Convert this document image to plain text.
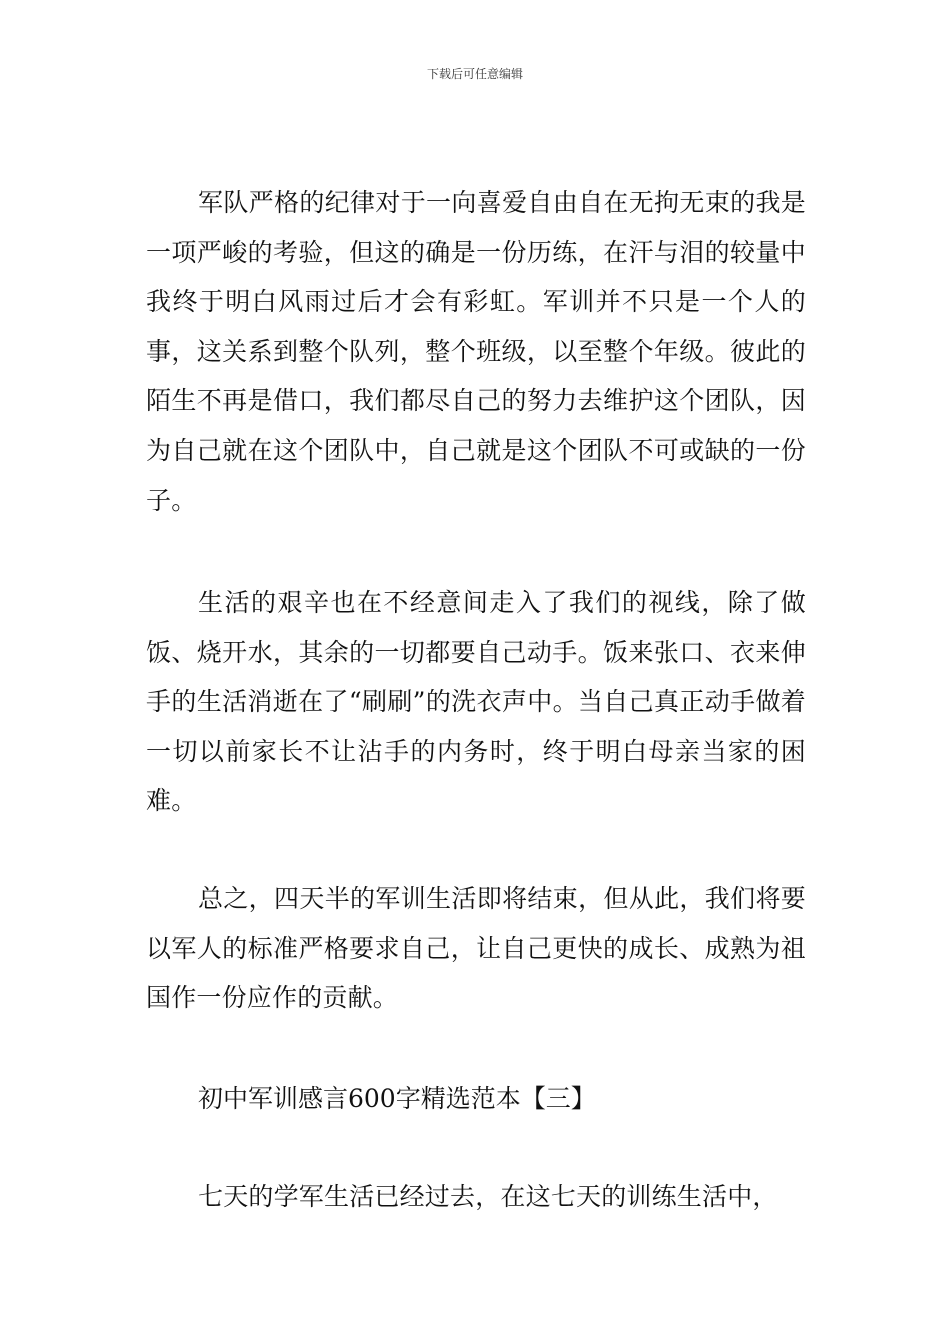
下载后可任意编辑

军队严格的纪律对于一向喜爱自由自在无拘无束的我是一项严峻的考验，但这的确是一份历练，在汗与泪的较量中我终于明白风雨过后才会有彩虹。军训并不只是一个人的事，这关系到整个队列，整个班级，以至整个年级。彼此的陌生不再是借口，我们都尽自己的努力去维护这个团队，因为自己就在这个团队中，自己就是这个团队不可或缺的一份子。

生活的艰辛也在不经意间走入了我们的视线，除了做饭、烧开水，其余的一切都要自己动手。饭来张口、衣来伸手的生活消逝在了“刷刷”的洗衣声中。当自己真正动手做着一切以前家长不让沾手的内务时，终于明白母亲当家的困难。

总之，四天半的军训生活即将结束，但从此，我们将要以军人的标准严格要求自己，让自己更快的成长、成熟为祖国作一份应作的贡献。

初中军训感言600字精选范本【三】

七天的学军生活已经过去，在这七天的训练生活中，
